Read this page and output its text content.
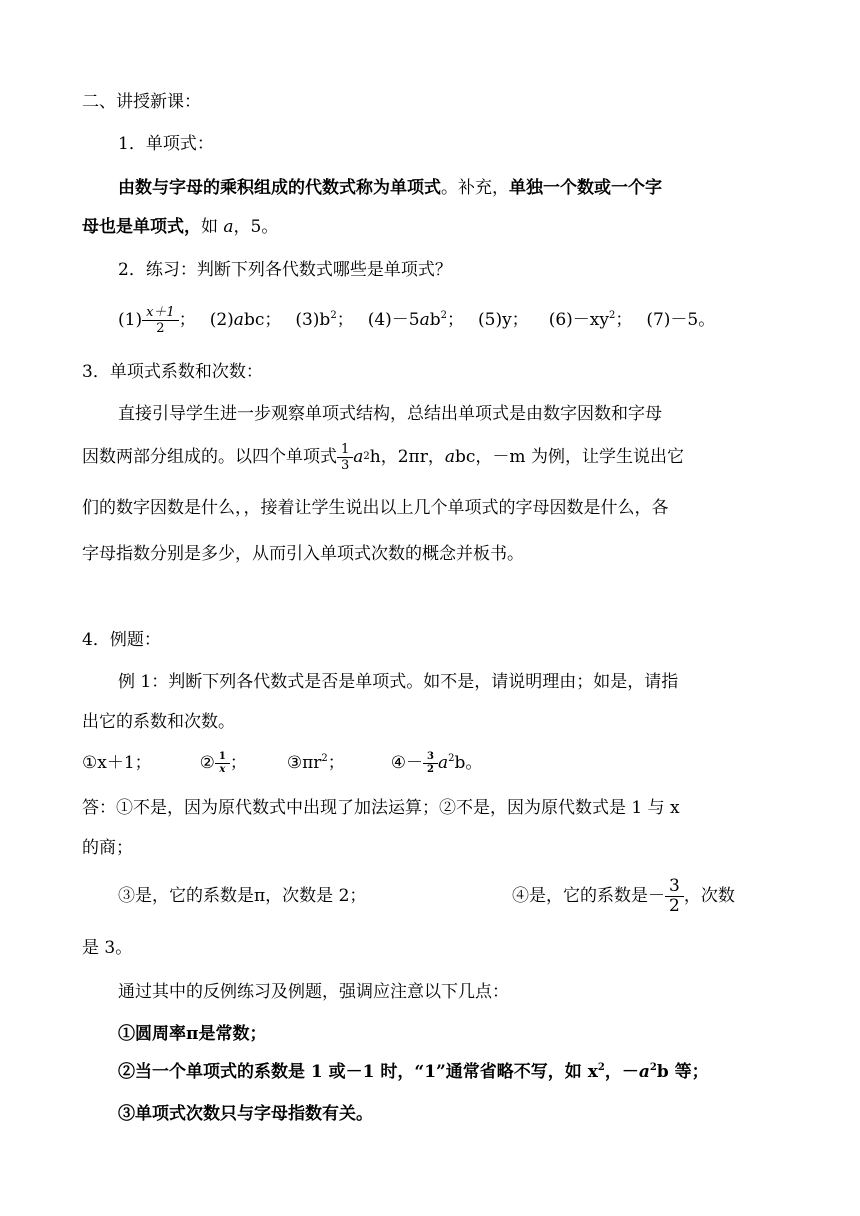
二、讲授新课：
1．单项式：
由数与字母的乘积组成的代数式称为单项式。补充，单独一个数或一个字
母也是单项式，如 a，5。
2．练习：判断下列各代数式哪些是单项式？
$(1) \frac{x+1}{2}$ ； (2)abc； $(3)b^2$； $(4)-5ab^2$； (5)y； $(6)-xy^2$； (7)－5。
3．单项式系数和次数：
直接引导学生进一步观察单项式结构，总结出单项式是由数字因数和字母
因数两部分组成的。以四个单项式 $\frac{1}{3}$ a 2 h，2πr， a bc，－m 为例，让学生说出它
们的数字因数是什么，，接着让学生说出以上几个单项式的字母因数是什么，各
字母指数分别是多少，从而引入单项式次数的概念并板书。
4．例题：
例 1：判断下列各代数式是否是单项式。如不是，请说明理由；如是，请指
出它的系数和次数。
①x＋1；	② $\frac{1}{x}$ ； $③\pi r^2$；	④－ $\frac{3}{2} a^2b$。
答：①不是，因为原代数式中出现了加法运算；②不是，因为原代数式是 1 与 x
的商；
③是，它的系数是π，次数是 2；	④是，它的系数是－ $\frac{3}{2}$ ，次数
是 3。
通过其中的反例练习及例题，强调应注意以下几点：
①圆周率π是常数；
②当一个单项式的系数是 1 或－1 时，“1”通常省略不写，如 $x^2$，$-a^2b$ 等；
③单项式次数只与字母指数有关。
